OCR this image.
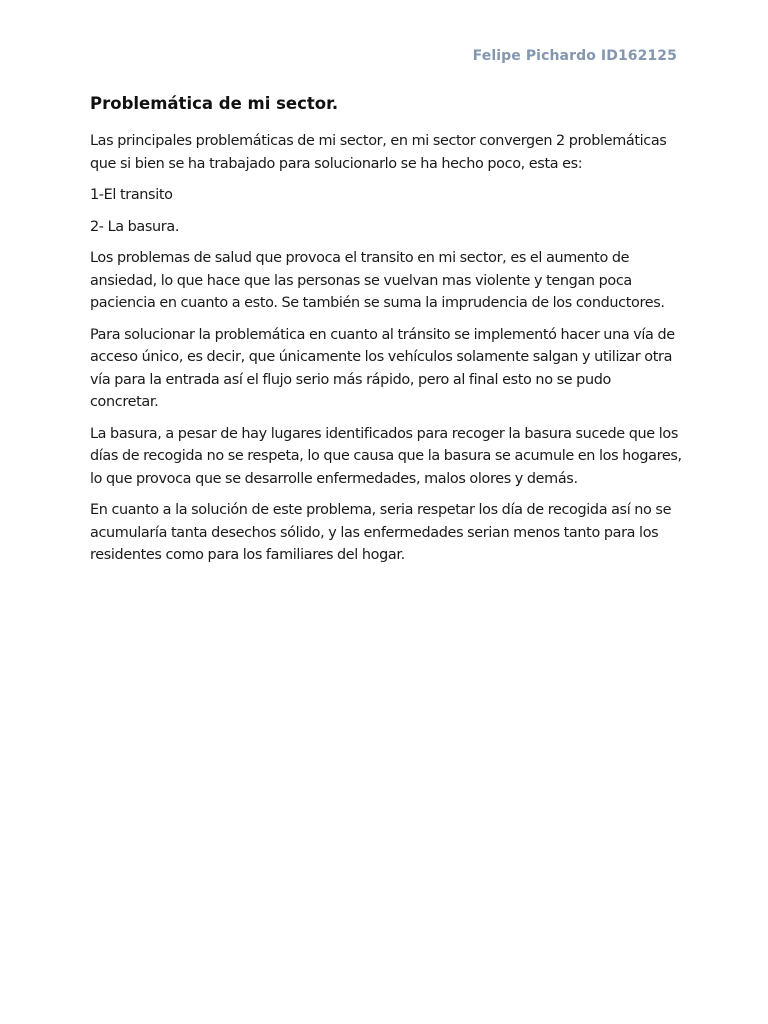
Felipe Pichardo ID162125
Problemática de mi sector.

Las principales problemáticas de mi sector, en mi sector convergen 2 problemáticas que si bien se ha trabajado para solucionarlo se ha hecho poco, esta es:

1-El transito

2- La basura.

Los problemas de salud que provoca el transito en mi sector, es el aumento de ansiedad, lo que hace que las personas se vuelvan mas violente y tengan poca paciencia en cuanto a esto. Se también se suma la imprudencia de los conductores.

Para solucionar la problemática en cuanto al tránsito se implementó hacer una vía de acceso único, es decir, que únicamente los vehículos solamente salgan y utilizar otra vía para la entrada así el flujo serio más rápido, pero al final esto no se pudo concretar.

La basura, a pesar de hay lugares identificados para recoger la basura sucede que los días de recogida no se respeta, lo que causa que la basura se acumule en los hogares, lo que provoca que se desarrolle enfermedades, malos olores y demás.

En cuanto a la solución de este problema, seria respetar los día de recogida así no se acumularía tanta desechos sólido, y las enfermedades serian menos tanto para los residentes como para los familiares del hogar.
